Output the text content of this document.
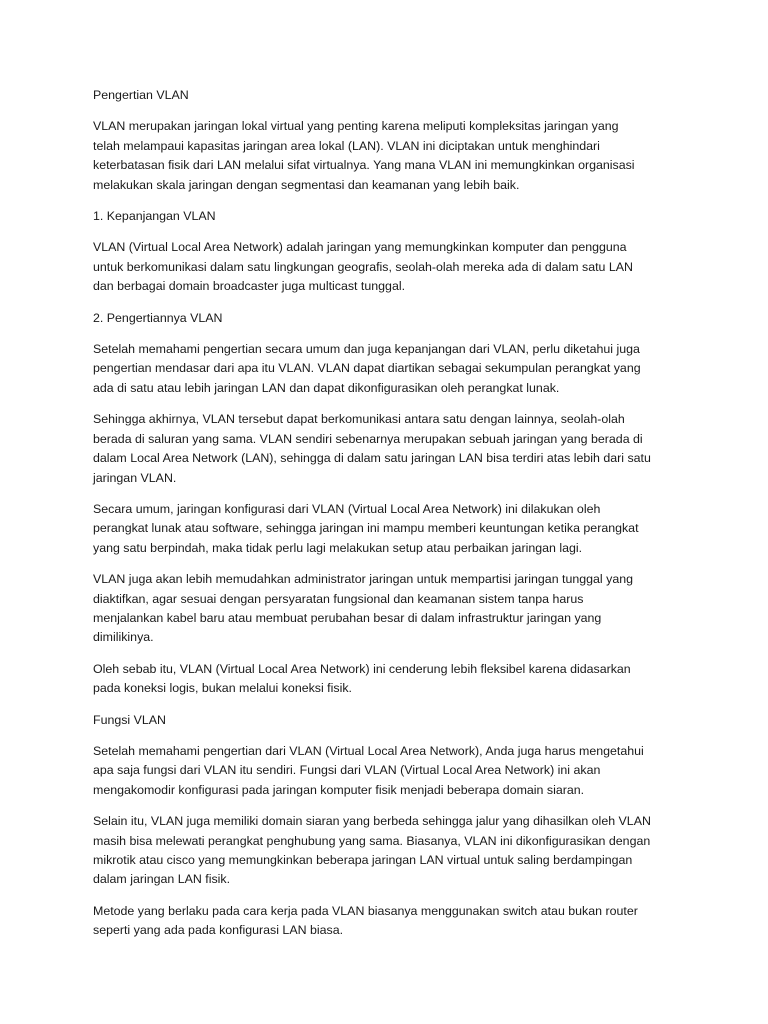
Pengertian VLAN
VLAN merupakan jaringan lokal virtual yang penting karena meliputi kompleksitas jaringan yang
telah melampaui kapasitas jaringan area lokal (LAN). VLAN ini diciptakan untuk menghindari
keterbatasan fisik dari LAN melalui sifat virtualnya. Yang mana VLAN ini memungkinkan organisasi
melakukan skala jaringan dengan segmentasi dan keamanan yang lebih baik.
1. Kepanjangan VLAN
VLAN (Virtual Local Area Network) adalah jaringan yang memungkinkan komputer dan pengguna
untuk berkomunikasi dalam satu lingkungan geografis, seolah-olah mereka ada di dalam satu LAN
dan berbagai domain broadcaster juga multicast tunggal.
2. Pengertiannya VLAN
Setelah memahami pengertian secara umum dan juga kepanjangan dari VLAN, perlu diketahui juga
pengertian mendasar dari apa itu VLAN. VLAN dapat diartikan sebagai sekumpulan perangkat yang
ada di satu atau lebih jaringan LAN dan dapat dikonfigurasikan oleh perangkat lunak.
Sehingga akhirnya, VLAN tersebut dapat berkomunikasi antara satu dengan lainnya, seolah-olah
berada di saluran yang sama. VLAN sendiri sebenarnya merupakan sebuah jaringan yang berada di
dalam Local Area Network (LAN), sehingga di dalam satu jaringan LAN bisa terdiri atas lebih dari satu
jaringan VLAN.
Secara umum, jaringan konfigurasi dari VLAN (Virtual Local Area Network) ini dilakukan oleh
perangkat lunak atau software, sehingga jaringan ini mampu memberi keuntungan ketika perangkat
yang satu berpindah, maka tidak perlu lagi melakukan setup atau perbaikan jaringan lagi.
VLAN juga akan lebih memudahkan administrator jaringan untuk mempartisi jaringan tunggal yang
diaktifkan, agar sesuai dengan persyaratan fungsional dan keamanan sistem tanpa harus
menjalankan kabel baru atau membuat perubahan besar di dalam infrastruktur jaringan yang
dimilikinya.
Oleh sebab itu, VLAN (Virtual Local Area Network) ini cenderung lebih fleksibel karena didasarkan
pada koneksi logis, bukan melalui koneksi fisik.
Fungsi VLAN
Setelah memahami pengertian dari VLAN (Virtual Local Area Network), Anda juga harus mengetahui
apa saja fungsi dari VLAN itu sendiri. Fungsi dari VLAN (Virtual Local Area Network) ini akan
mengakomodir konfigurasi pada jaringan komputer fisik menjadi beberapa domain siaran.
Selain itu, VLAN juga memiliki domain siaran yang berbeda sehingga jalur yang dihasilkan oleh VLAN
masih bisa melewati perangkat penghubung yang sama. Biasanya, VLAN ini dikonfigurasikan dengan
mikrotik atau cisco yang memungkinkan beberapa jaringan LAN virtual untuk saling berdampingan
dalam jaringan LAN fisik.
Metode yang berlaku pada cara kerja pada VLAN biasanya menggunakan switch atau bukan router
seperti yang ada pada konfigurasi LAN biasa.
